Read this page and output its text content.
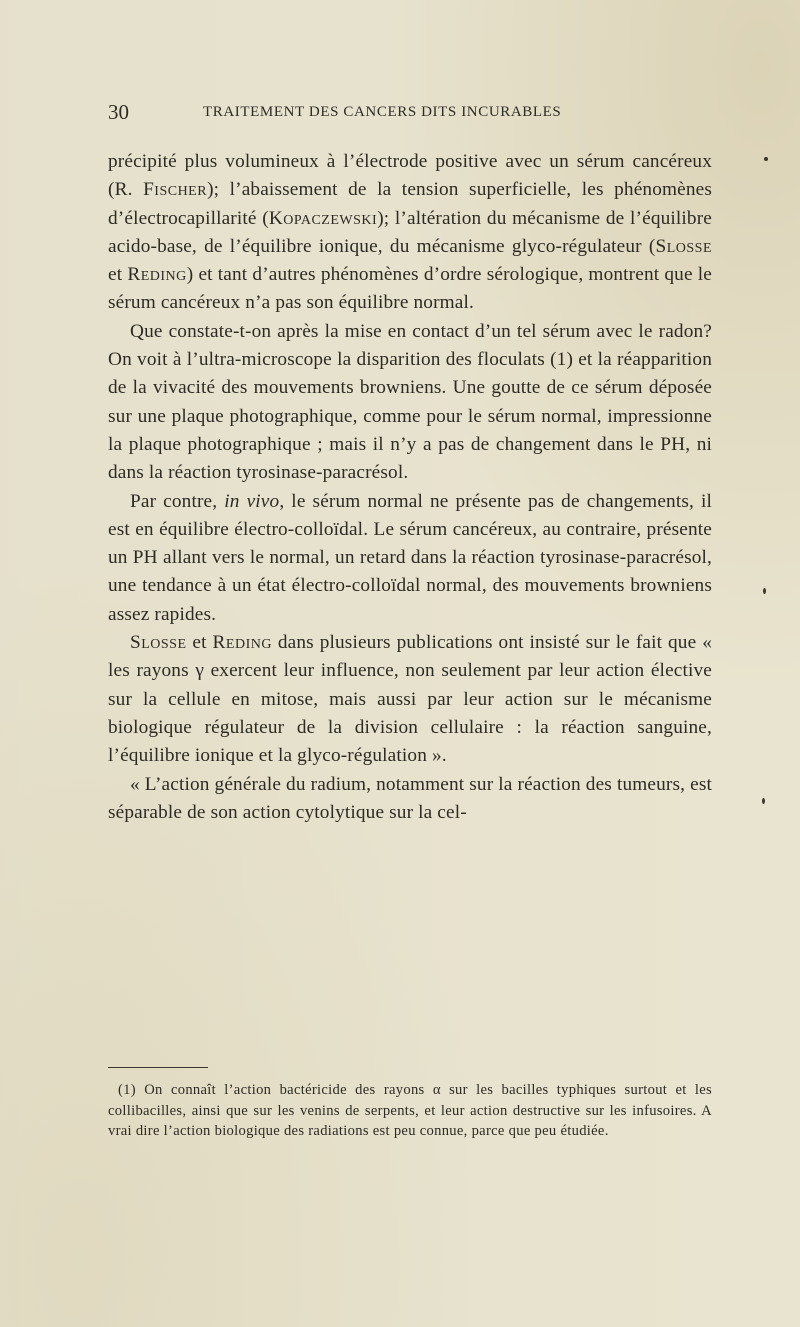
30	TRAITEMENT DES CANCERS DITS INCURABLES

précipité plus volumineux à l’électrode positive avec un sérum cancéreux (R. Fischer); l’abaissement de la tension superficielle, les phénomènes d’électrocapillarité (Kopaczewski); l’altération du mécanisme de l’équilibre acido-base, de l’équilibre ionique, du mécanisme glyco-régulateur (Slosse et Reding) et tant d’autres phénomènes d’ordre sérologique, montrent que le sérum cancéreux n’a pas son équilibre normal.

Que constate-t-on après la mise en contact d’un tel sérum avec le radon? On voit à l’ultra-microscope la disparition des floculats (1) et la réapparition de la vivacité des mouvements browniens. Une goutte de ce sérum déposée sur une plaque photographique, comme pour le sérum normal, impressionne la plaque photographique ; mais il n’y a pas de changement dans le PH, ni dans la réaction tyrosinase-paracrésol.

Par contre, in vivo, le sérum normal ne présente pas de changements, il est en équilibre électro-colloïdal. Le sérum cancéreux, au contraire, présente un PH allant vers le normal, un retard dans la réaction tyrosinase-paracrésol, une tendance à un état électro-colloïdal normal, des mouvements browniens assez rapides.

Slosse et Reding dans plusieurs publications ont insisté sur le fait que « les rayons γ exercent leur influence, non seulement par leur action élective sur la cellule en mitose, mais aussi par leur action sur le mécanisme biologique régulateur de la division cellulaire : la réaction sanguine, l’équilibre ionique et la glyco-régulation ».

« L’action générale du radium, notamment sur la réaction des tumeurs, est séparable de son action cytolytique sur la cel-

(1) On connaît l’action bactéricide des rayons α sur les bacilles typhiques surtout et les collibacilles, ainsi que sur les venins de serpents, et leur action destructive sur les infusoires. A vrai dire l’action biologique des radiations est peu connue, parce que peu étudiée.
